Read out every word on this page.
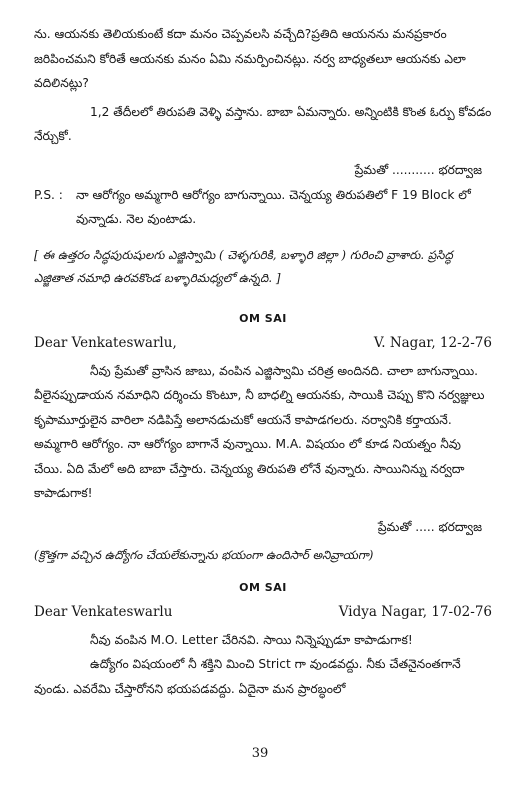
ను. ఆయనకు తెలియకుంటే కదా మనం చెప్పవలసి వచ్చేది?ప్రతిది ఆయనను మనప్రకారం జరిపించమని కోరితే ఆయనకు మనం ఏమి నమర్పించినట్లు. నర్వ బాధ్యతలూ ఆయనకు ఎలా వదిలినట్లు?

1,2 తేదీలలో తిరుపతి వెళ్ళి వస్తాను. బాబా ఏమన్నారు. అన్నింటికి కొంత ఓర్పు కోవడం నేర్చుకో.

ప్రేమతో ........... భరద్వాజ

P.S. :	నా ఆరోగ్యం అమ్మగారి ఆరోగ్యం బాగున్నాయి. చెన్నయ్య తిరుపతిలో F 19 Block లో వున్నాడు. నెల వుంటాడు.

[ ఈ ఉత్తరం సిద్ధపురుషులగు ఎజ్జిస్వామి ( చెళ్ళగురికి, బళ్ళారి జిల్లా ) గురించి వ్రాశారు. ప్రసిద్ధ ఎజ్జితాత నమాధి ఉరవకొండ బళ్ళారిమధ్యలో ఉన్నది. ]

OM SAI
Dear Venkateswarlu,	V. Nagar, 12-2-76

నీవు ప్రేమతో వ్రాసిన జాబు, వంపిన ఎజ్జిస్వామి చరిత్ర అందినది. చాలా బాగున్నాయి. వీలైనప్పుడాయన నమాధిని దర్శించు కొంటూ, నీ బాధల్ని ఆయనకు, సాయికి చెప్పు కొని నర్వజ్ఞులు కృపామూర్తులైన వారిలా నడిపిస్తే అలానడుచుకో ఆయనే కాపాడగలరు. నర్వానికి కర్తాయనే. అమ్మగారి ఆరోగ్యం. నా ఆరోగ్యం బాగానే వున్నాయి. M.A. విషయం లో కూడ నియత్నం నీవు చేయి. ఏది మేలో అది బాబా చేస్తారు. చెన్నయ్య తిరుపతి లోనే వున్నారు. సాయినిన్ను నర్వదా కాపాడుగాక!

ప్రేమతో ..... భరద్వాజ

(క్రొత్తగా వచ్చిన ఉద్యోగం చేయలేకున్నాను భయంగా ఉందిసార్ అనివ్రాయగా)

OM SAI
Dear Venkateswarlu	Vidya Nagar, 17-02-76

నీవు వంపిన M.O. Letter చేరినవి. సాయి నిన్నెప్పుడూ కాపాడుగాక!

ఉద్యోగం విషయంలో నీ శక్తిని మించి Strict గా వుండవద్దు. నీకు చేతనైనంతగానే వుండు. ఎవరేమి చేస్తారోనని భయపడవద్దు. ఏదైనా మన ప్రారబ్ధంలో

39
